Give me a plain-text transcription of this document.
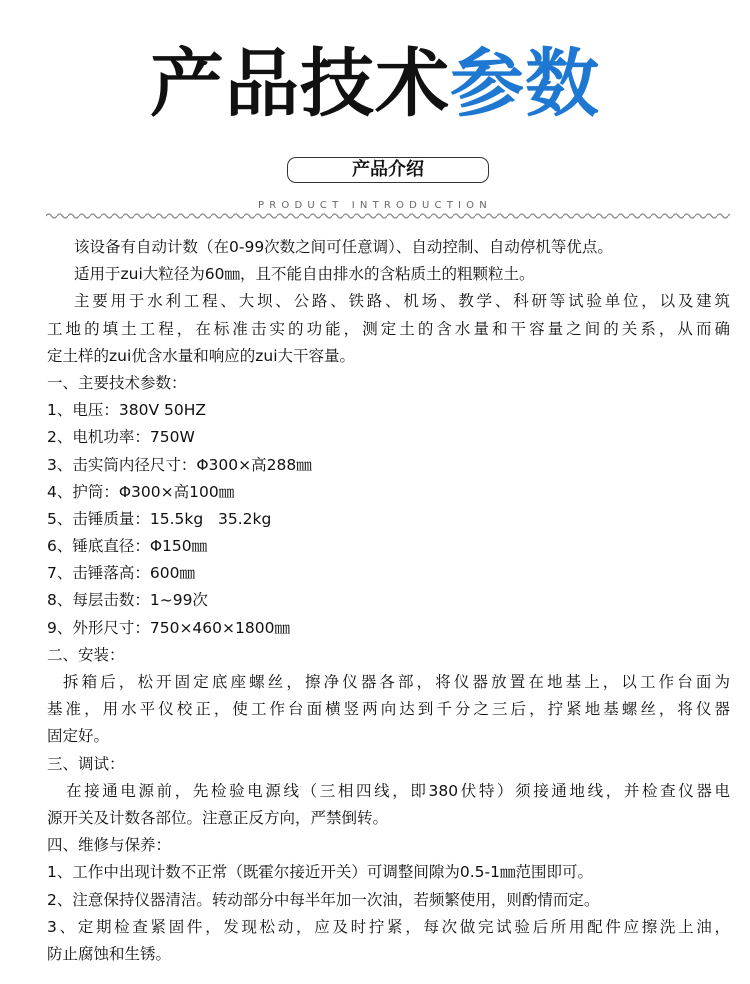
产品技术参数
产品介绍
PRODUCT INTRODUCTION
该设备有自动计数（在0-99次数之间可任意调）、自动控制、自动停机等优点。
适用于zui大粒径为60㎜，且不能自由排水的含粘质土的粗颗粒土。
主要用于水利工程、大坝、公路、铁路、机场、教学、科研等试验单位，以及建筑
工地的填土工程，在标准击实的功能，测定土的含水量和干容量之间的关系，从而确
定土样的zui优含水量和响应的zui大干容量。
一、主要技术参数：
1、电压：380V 50HZ
2、电机功率：750W
3、击实筒内径尺寸：Φ300×高288㎜
4、护筒：Φ300×高100㎜
5、击锤质量：15.5kg   35.2kg
6、锤底直径：Φ150㎜
7、击锤落高：600㎜
8、每层击数：1~99次
9、外形尺寸：750×460×1800㎜
二、安装：
拆箱后，松开固定底座螺丝，擦净仪器各部，将仪器放置在地基上，以工作台面为
基准，用水平仪校正，使工作台面横竖两向达到千分之三后，拧紧地基螺丝，将仪器
固定好。
三、调试：
在接通电源前，先检验电源线（三相四线，即380伏特）须接通地线，并检查仪器电
源开关及计数各部位。注意正反方向，严禁倒转。
四、维修与保养：
1、工作中出现计数不正常（既霍尔接近开关）可调整间隙为0.5-1㎜范围即可。
2、注意保持仪器清洁。转动部分中每半年加一次油，若频繁使用，则酌情而定。
3、定期检查紧固件，发现松动，应及时拧紧，每次做完试验后所用配件应擦洗上油，
防止腐蚀和生锈。
